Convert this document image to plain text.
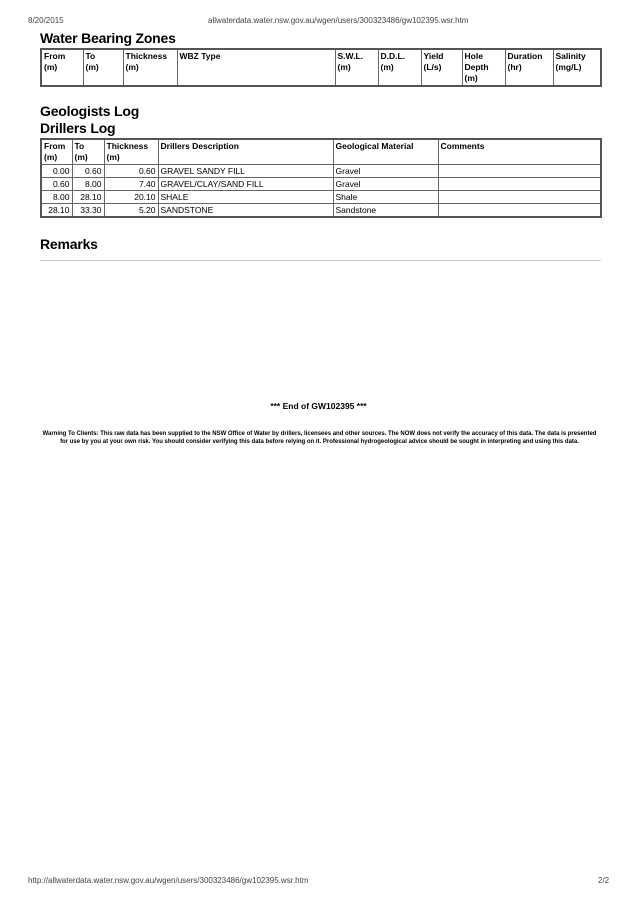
8/20/2015	allwaterdata.water.nsw.gov.au/wgen/users/300323486/gw102395.wsr.htm
Water Bearing Zones
From
(m)	To
(m)	Thickness
(m)	WBZ Type	S.W.L.
(m)	D.D.L.
(m)	Yield
(L/s)	Hole
Depth
(m)	Duration
(hr)	Salinity
(mg/L)
Geologists Log
Drillers Log
From
(m)	To
(m)	Thickness
(m)	Drillers Description	Geological Material	Comments
0.00	0.60	0.60	GRAVEL SANDY FILL	Gravel	
0.60	8.00	7.40	GRAVEL/CLAY/SAND FILL	Gravel	
8.00	28.10	20.10	SHALE	Shale	
28.10	33.30	5.20	SANDSTONE	Sandstone	
Remarks
*** End of GW102395 ***
Warning To Clients: This raw data has been supplied to the NSW Office of Water by drillers, licensees and other sources. The NOW does not verify the accuracy of this data. The data is presented for use by you at your own risk. You should consider verifying this data before relying on it. Professional hydrogeological advice should be sought in interpreting and using this data.
http://allwaterdata.water.nsw.gov.au/wgen/users/300323486/gw102395.wsr.htm	2/2
